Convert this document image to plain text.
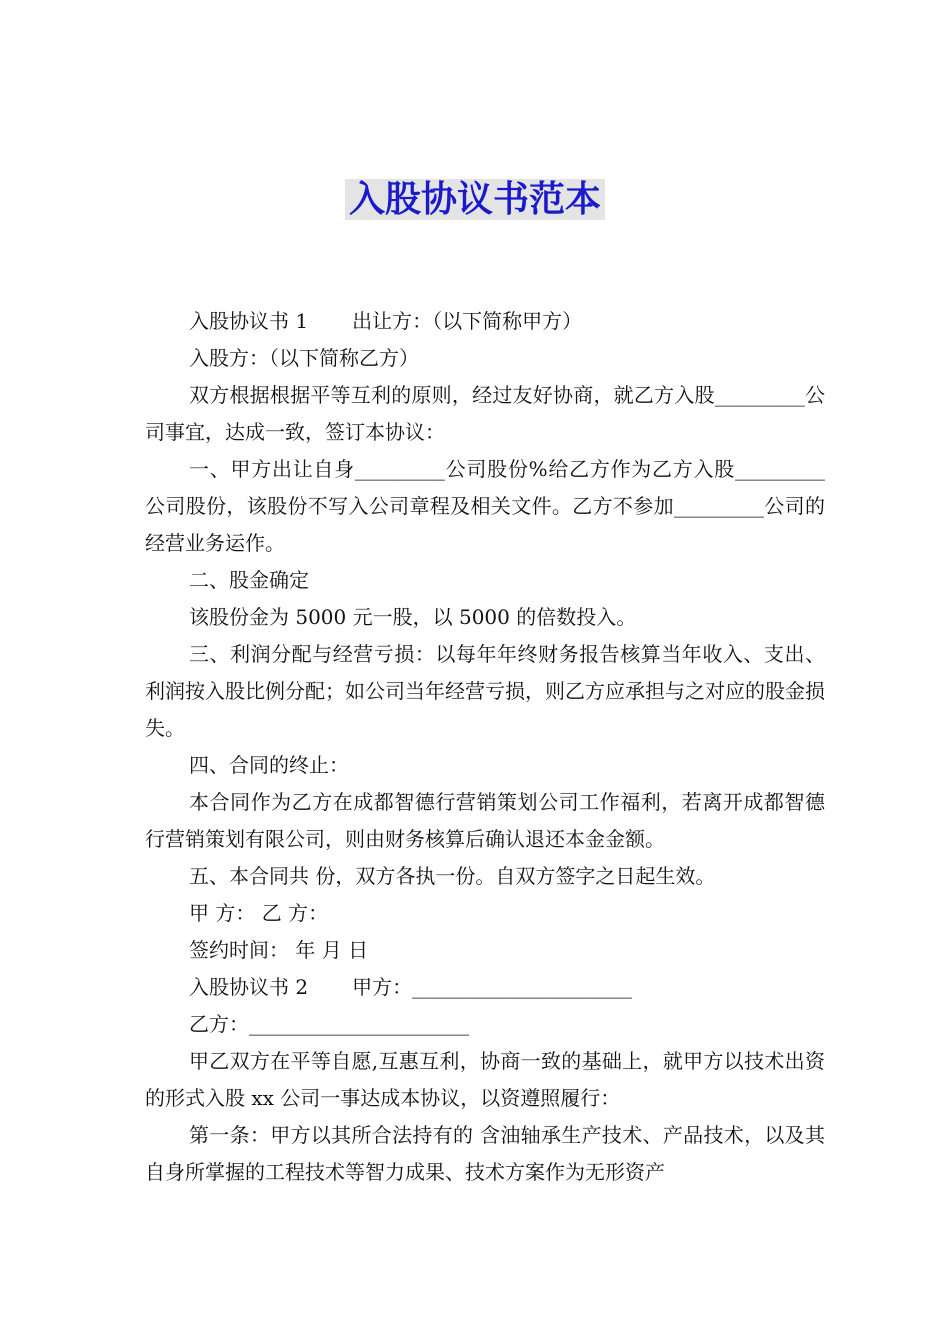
入股协议书范本

入股协议书 1 出让方：（以下简称甲方）

入股方：（以下简称乙方）

双方根据根据平等互利的原则，经过友好协商，就乙方入股_________公司事宜，达成一致，签订本协议：

一、甲方出让自身_________公司股份%给乙方作为乙方入股_________公司股份，该股份不写入公司章程及相关文件。乙方不参加_________公司的经营业务运作。

二、股金确定

该股份金为 5000 元一股，以 5000 的倍数投入。

三、利润分配与经营亏损：以每年年终财务报告核算当年收入、支出、利润按入股比例分配；如公司当年经营亏损，则乙方应承担与之对应的股金损失。

四、合同的终止：

本合同作为乙方在成都智德行营销策划公司工作福利，若离开成都智德行营销策划有限公司，则由财务核算后确认退还本金金额。

五、本合同共 份，双方各执一份。自双方签字之日起生效。

甲 方： 乙 方：

签约时间： 年 月 日

入股协议书 2 甲方：______________________

乙方：______________________

甲乙双方在平等自愿,互惠互利，协商一致的基础上，就甲方以技术出资的形式入股 xx 公司一事达成本协议，以资遵照履行：

第一条：甲方以其所合法持有的 含油轴承生产技术、产品技术，以及其自身所掌握的工程技术等智力成果、技术方案作为无形资产
